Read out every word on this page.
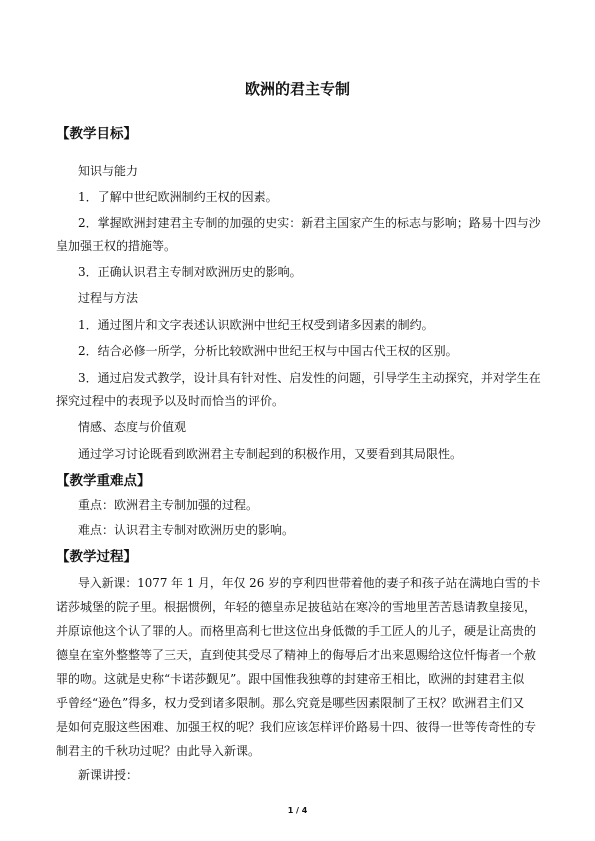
欧洲的君主专制
【教学目标】
知识与能力
1．了解中世纪欧洲制约王权的因素。
2．掌握欧洲封建君主专制的加强的史实：新君主国家产生的标志与影响；路易十四与沙
皇加强王权的措施等。
3．正确认识君主专制对欧洲历史的影响。
过程与方法
1．通过图片和文字表述认识欧洲中世纪王权受到诸多因素的制约。
2．结合必修一所学，分析比较欧洲中世纪王权与中国古代王权的区别。
3．通过启发式教学，设计具有针对性、启发性的问题，引导学生主动探究，并对学生在
探究过程中的表现予以及时而恰当的评价。
情感、态度与价值观
通过学习讨论既看到欧洲君主专制起到的积极作用，又要看到其局限性。
【教学重难点】
重点：欧洲君主专制加强的过程。
难点：认识君主专制对欧洲历史的影响。
【教学过程】
导入新课：1077 年 1 月，年仅 26 岁的亨利四世带着他的妻子和孩子站在满地白雪的卡
诺莎城堡的院子里。根据惯例，年轻的德皇赤足披毡站在寒冷的雪地里苦苦恳请教皇接见，
并原谅他这个认了罪的人。而格里高利七世这位出身低微的手工匠人的儿子，硬是让高贵的
德皇在室外整整等了三天，直到使其受尽了精神上的侮辱后才出来恩赐给这位忏悔者一个赦
罪的吻。这就是史称“卡诺莎觐见”。跟中国惟我独尊的封建帝王相比，欧洲的封建君主似
乎曾经“逊色”得多，权力受到诸多限制。那么究竟是哪些因素限制了王权？欧洲君主们又
是如何克服这些困难、加强王权的呢？我们应该怎样评价路易十四、彼得一世等传奇性的专
制君主的千秋功过呢？由此导入新课。
新课讲授：
1 / 4
